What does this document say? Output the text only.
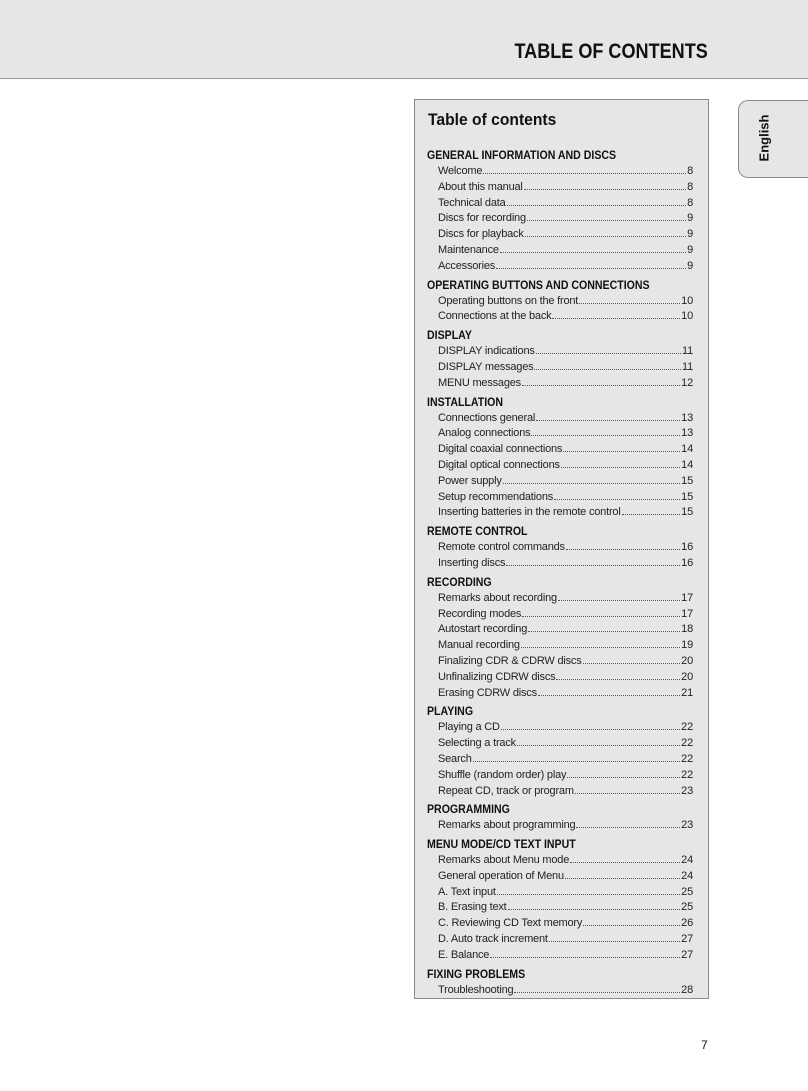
TABLE OF CONTENTS
English
Table of contents
GENERAL INFORMATION AND DISCS
Welcome	8
About this manual	8
Technical data	8
Discs for recording	9
Discs for playback	9
Maintenance	9
Accessories	9
OPERATING BUTTONS AND CONNECTIONS
Operating buttons on the front	10
Connections at the back	10
DISPLAY
DISPLAY indications	11
DISPLAY messages	11
MENU messages	12
INSTALLATION
Connections general	13
Analog connections	13
Digital coaxial connections	14
Digital optical connections	14
Power supply	15
Setup recommendations	15
Inserting batteries in the remote control	15
REMOTE CONTROL
Remote control commands	16
Inserting discs	16
RECORDING
Remarks about recording	17
Recording modes	17
Autostart recording	18
Manual recording	19
Finalizing CDR & CDRW discs	20
Unfinalizing CDRW discs	20
Erasing CDRW discs	21
PLAYING
Playing a CD	22
Selecting a track	22
Search	22
Shuffle (random order) play	22
Repeat CD, track or program	23
PROGRAMMING
Remarks about programming	23
MENU MODE/CD TEXT INPUT
Remarks about Menu mode	24
General operation of Menu	24
A. Text input	25
B. Erasing text	25
C. Reviewing CD Text memory	26
D. Auto track increment	27
E. Balance	27
FIXING PROBLEMS
Troubleshooting	28
7
